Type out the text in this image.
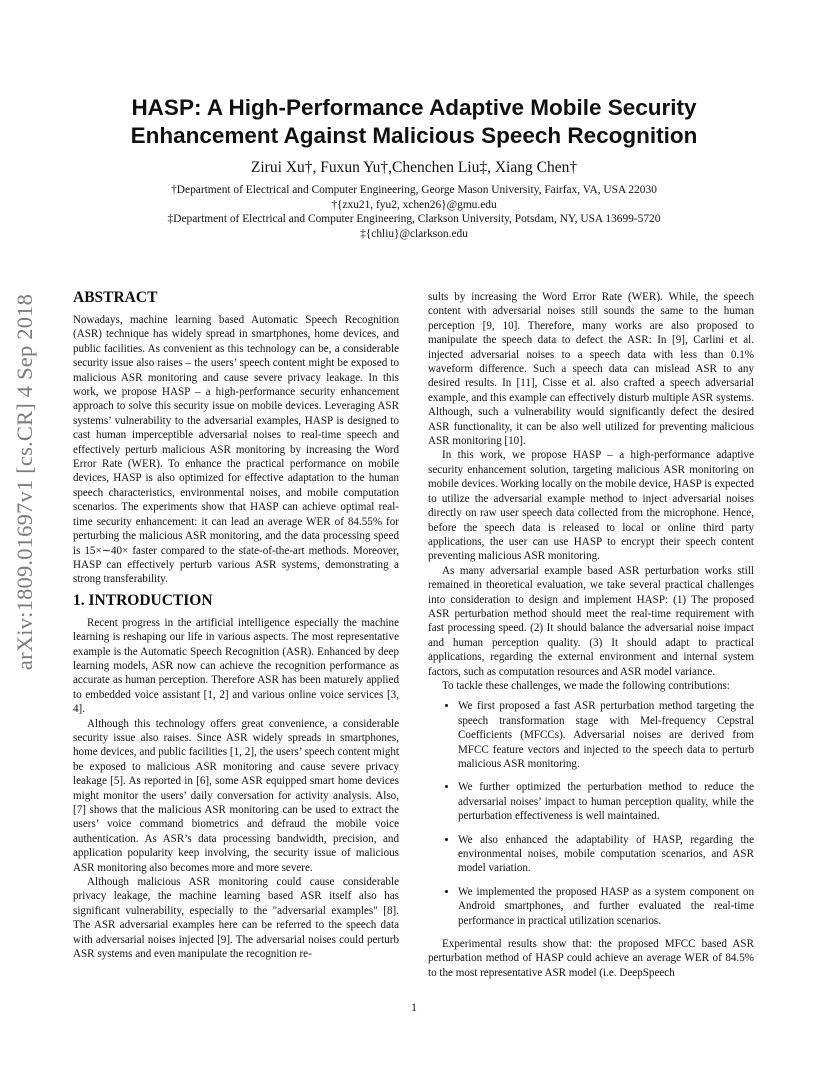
HASP: A High-Performance Adaptive Mobile Security
Enhancement Against Malicious Speech Recognition

Zirui Xu†, Fuxun Yu†,Chenchen Liu‡, Xiang Chen†

†Department of Electrical and Computer Engineering, George Mason University, Fairfax, VA, USA 22030
†{zxu21, fyu2, xchen26}@gmu.edu
‡Department of Electrical and Computer Engineering, Clarkson University, Potsdam, NY, USA 13699-5720
‡{chliu}@clarkson.edu
arXiv:1809.01697v1 [cs.CR] 4 Sep 2018 ABSTRACT

Nowadays, machine learning based Automatic Speech Recognition (ASR) technique has widely spread in smartphones, home devices, and public facilities. As convenient as this technology can be, a considerable security issue also raises – the users’ speech content might be exposed to malicious ASR monitoring and cause severe privacy leakage. In this work, we propose HASP – a high-performance security enhancement approach to solve this security issue on mobile devices. Leveraging ASR systems’ vulnerability to the adversarial examples, HASP is designed to cast human imperceptible adversarial noises to real-time speech and effectively perturb malicious ASR monitoring by increasing the Word Error Rate (WER). To enhance the practical performance on mobile devices, HASP is also optimized for effective adaptation to the human speech characteristics, environmental noises, and mobile computation scenarios. The experiments show that HASP can achieve optimal real-time security enhancement: it can lead an average WER of 84.55% for perturbing the malicious ASR monitoring, and the data processing speed is 15×∼40× faster compared to the state-of-the-art methods. Moreover, HASP can effectively perturb various ASR systems, demonstrating a strong transferability.

1. INTRODUCTION

Recent progress in the artificial intelligence especially the machine learning is reshaping our life in various aspects. The most representative example is the Automatic Speech Recognition (ASR). Enhanced by deep learning models, ASR now can achieve the recognition performance as accurate as human perception. Therefore ASR has been maturely applied to embedded voice assistant [1, 2] and various online voice services [3, 4].

Although this technology offers great convenience, a considerable security issue also raises. Since ASR widely spreads in smartphones, home devices, and public facilities [1, 2], the users’ speech content might be exposed to malicious ASR monitoring and cause severe privacy leakage [5]. As reported in [6], some ASR equipped smart home devices might monitor the users’ daily conversation for activity analysis. Also, [7] shows that the malicious ASR monitoring can be used to extract the users’ voice command biometrics and defraud the mobile voice authentication. As ASR’s data processing bandwidth, precision, and application popularity keep involving, the security issue of malicious ASR monitoring also becomes more and more severe.

Although malicious ASR monitoring could cause considerable privacy leakage, the machine learning based ASR itself also has significant vulnerability, especially to the "adversarial examples" [8]. The ASR adversarial examples here can be referred to the speech data with adversarial noises injected [9]. The adversarial noises could perturb ASR systems and even manipulate the recognition re-

sults by increasing the Word Error Rate (WER). While, the speech content with adversarial noises still sounds the same to the human perception [9, 10]. Therefore, many works are also proposed to manipulate the speech data to defect the ASR: In [9], Carlini et al. injected adversarial noises to a speech data with less than 0.1% waveform difference. Such a speech data can mislead ASR to any desired results. In [11], Cisse et al. also crafted a speech adversarial example, and this example can effectively disturb multiple ASR systems. Although, such a vulnerability would significantly defect the desired ASR functionality, it can be also well utilized for preventing malicious ASR monitoring [10].

In this work, we propose HASP – a high-performance adaptive security enhancement solution, targeting malicious ASR monitoring on mobile devices. Working locally on the mobile device, HASP is expected to utilize the adversarial example method to inject adversarial noises directly on raw user speech data collected from the microphone. Hence, before the speech data is released to local or online third party applications, the user can use HASP to encrypt their speech content preventing malicious ASR monitoring.

As many adversarial example based ASR perturbation works still remained in theoretical evaluation, we take several practical challenges into consideration to design and implement HASP: (1) The proposed ASR perturbation method should meet the real-time requirement with fast processing speed. (2) It should balance the adversarial noise impact and human perception quality. (3) It should adapt to practical applications, regarding the external environment and internal system factors, such as computation resources and ASR model variance.

To tackle these challenges, we made the following contributions:

• We first proposed a fast ASR perturbation method targeting the speech transformation stage with Mel-frequency Cepstral Coefficients (MFCCs). Adversarial noises are derived from MFCC feature vectors and injected to the speech data to perturb malicious ASR monitoring.
• We further optimized the perturbation method to reduce the adversarial noises’ impact to human perception quality, while the perturbation effectiveness is well maintained.
• We also enhanced the adaptability of HASP, regarding the environmental noises, mobile computation scenarios, and ASR model variation.
• We implemented the proposed HASP as a system component on Android smartphones, and further evaluated the real-time performance in practical utilization scenarios.

Experimental results show that: the proposed MFCC based ASR perturbation method of HASP could achieve an average WER of 84.5% to the most representative ASR model (i.e. DeepSpeech

1
